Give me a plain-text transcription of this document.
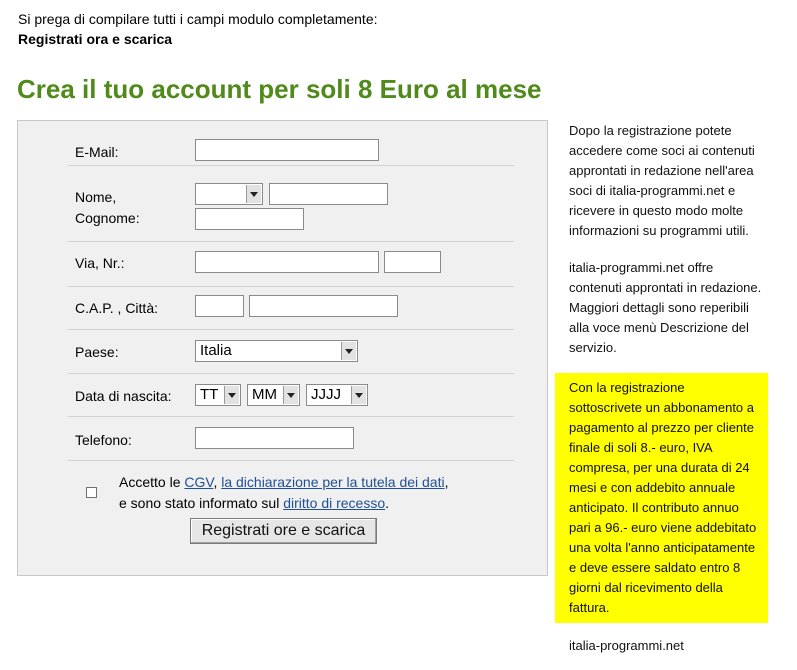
Si prega di compilare tutti i campi modulo completamente:
Registrati ora e scarica
Crea il tuo account per soli 8 Euro al mese
E-Mail:
Nome,
Cognome:
Via, Nr.:
C.A.P. , Città:
Paese:	Italia
Data di nascita: TT MM JJJJ
Telefono:
Accetto le CGV, la dichiarazione per la tutela dei dati,
e sono stato informato sul diritto di recesso.
Registrati ore e scarica
Dopo la registrazione potete accedere come soci ai contenuti approntati in redazione nell'area soci di italia-programmi.net e ricevere in questo modo molte informazioni su programmi utili.
italia-programmi.net offre contenuti approntati in redazione. Maggiori dettagli sono reperibili alla voce menù Descrizione del servizio.
Con la registrazione sottoscrivete un abbonamento a pagamento al prezzo per cliente finale di soli 8.- euro, IVA compresa, per una durata di 24 mesi e con addebito annuale anticipato. Il contributo annuo pari a 96.- euro viene addebitato una volta l'anno anticipatamente e deve essere saldato entro 8 giorni dal ricevimento della fattura.
italia-programmi.net
